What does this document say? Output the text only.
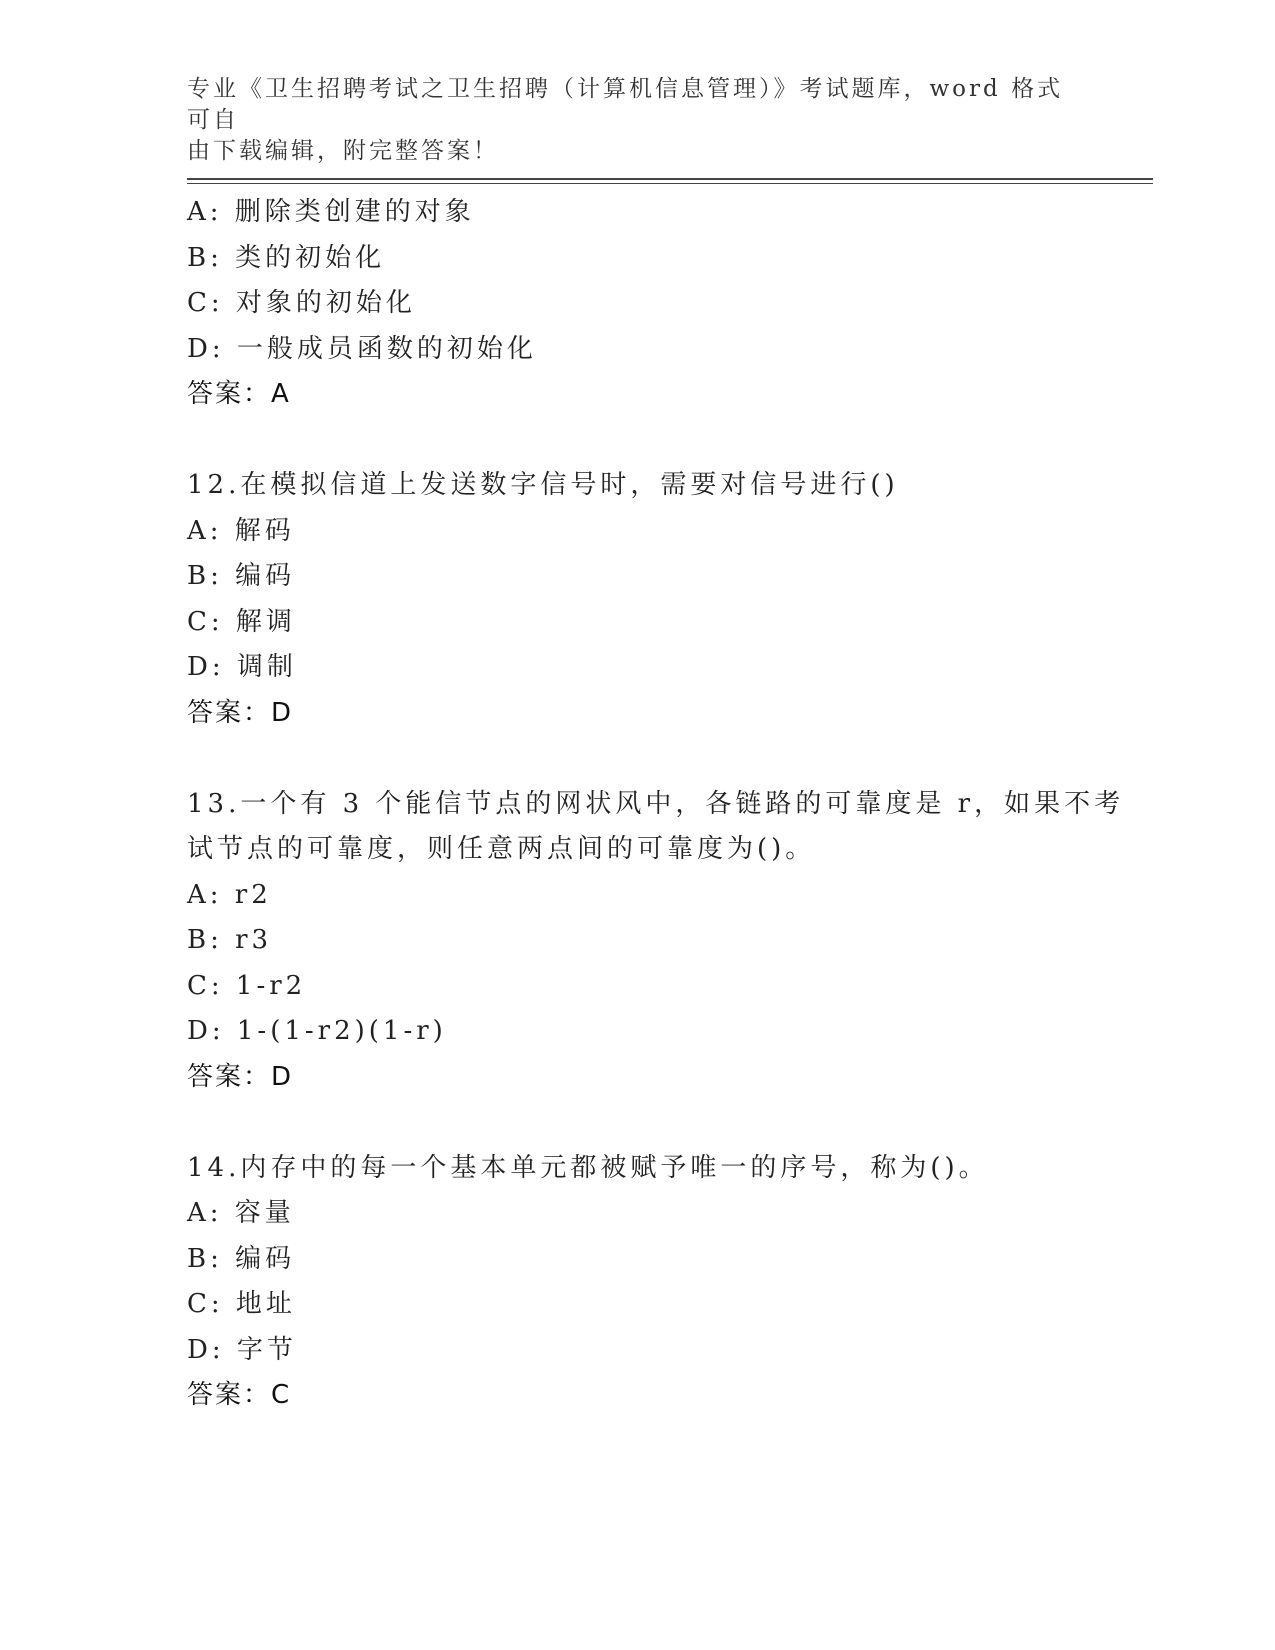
专业《卫生招聘考试之卫生招聘（计算机信息管理）》考试题库，word 格式可自
由下载编辑，附完整答案！
A: 删除类创建的对象
B: 类的初始化
C: 对象的初始化
D: 一般成员函数的初始化
答案：A
12.在模拟信道上发送数字信号时，需要对信号进行()
A: 解码
B: 编码
C: 解调
D: 调制
答案：D
13.一个有 3 个能信节点的网状风中，各链路的可靠度是 r，如果不考
试节点的可靠度，则任意两点间的可靠度为()。
A: r2
B: r3
C: 1-r2
D: 1-(1-r2)(1-r)
答案：D
14.内存中的每一个基本单元都被赋予唯一的序号，称为()。
A: 容量
B: 编码
C: 地址
D: 字节
答案：C
